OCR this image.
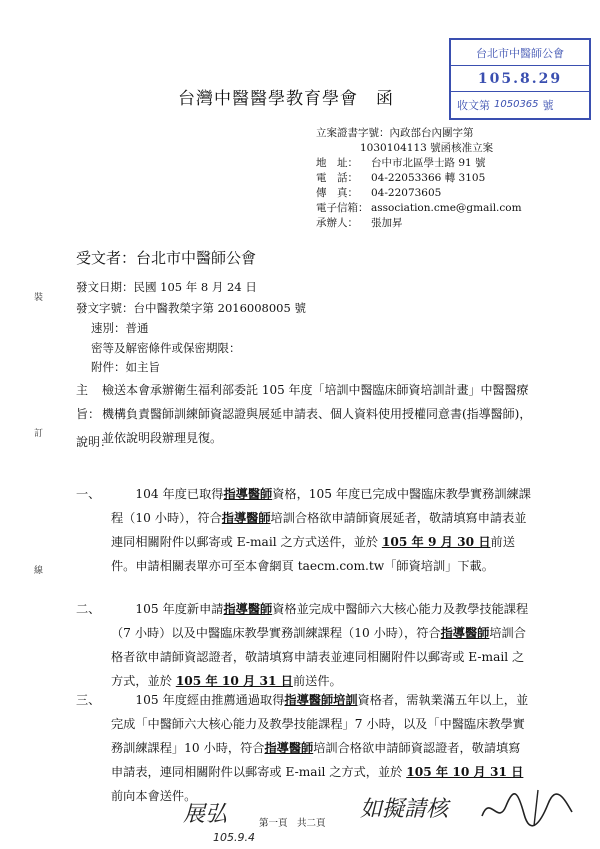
台北市中醫師公會
105.8.29
收文第 1050365 號
台灣中醫醫學教育學會　函
立案證書字號：內政部台內團字第
1030104113 號函核准立案
地　址： 台中市北區學士路 91 號
電　話： 04-22053366 轉 3105
傳　真： 04-22073605
電子信箱： association.cme@gmail.com
承辦人： 張加昇
受文者：台北市中醫師公會
發文日期：民國 105 年 8 月 24 日
發文字號：台中醫教榮字第 2016008005 號
速別：普通
密等及解密條件或保密期限：
附件：如主旨
裝
訂
線
主旨：檢送本會承辦衛生福利部委託 105 年度「培訓中醫臨床師資培訓計畫」中醫醫療機構負責醫師訓練師資認證與展延申請表、個人資料使用授權同意書(指導醫師)，並依說明段辦理見復。
說明：
一、	104 年度已取得指導醫師資格，105 年度已完成中醫臨床教學實務訓練課程（10 小時），符合指導醫師培訓合格欲申請師資展延者，敬請填寫申請表並連同相關附件以郵寄或 E-mail 之方式送件，並於 105 年 9 月 30 日前送件。申請相關表單亦可至本會網頁 taecm.com.tw「師資培訓」下載。
二、	105 年度新申請指導醫師資格並完成中醫師六大核心能力及教學技能課程（7 小時）以及中醫臨床教學實務訓練課程（10 小時），符合指導醫師培訓合格者欲申請師資認證者，敬請填寫申請表並連同相關附件以郵寄或 E-mail 之方式，並於 105 年 10 月 31 日前送件。
三、	105 年度經由推薦通過取得指導醫師培訓資格者，需執業滿五年以上，並完成「中醫師六大核心能力及教學技能課程」7 小時，以及「中醫臨床教學實務訓練課程」10 小時，符合指導醫師培訓合格欲申請師資認證者，敬請填寫申請表，連同相關附件以郵寄或 E-mail 之方式，並於 105 年 10 月 31 日前向本會送件。
展弘
105.9.4
如擬請核
第一頁　共二頁
